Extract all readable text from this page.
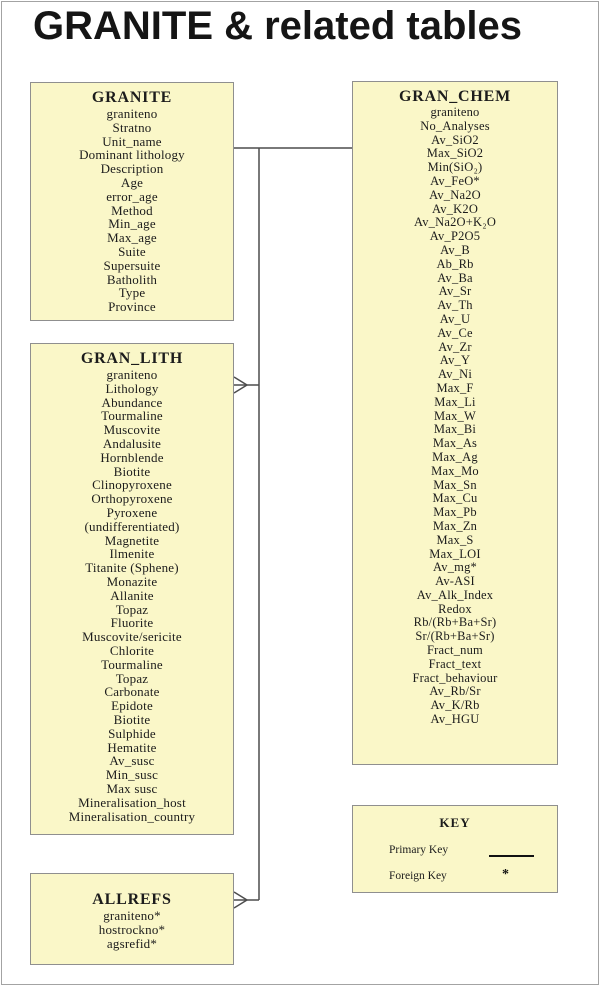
GRANITE & related tables
GRANITE
graniteno
Stratno
Unit_name
Dominant lithology
Description
Age
error_age
Method
Min_age
Max_age
Suite
Supersuite
Batholith
Type
Province
GRAN_LITH
graniteno
Lithology
Abundance
Tourmaline
Muscovite
Andalusite
Hornblende
Biotite
Clinopyroxene
Orthopyroxene
Pyroxene
(undifferentiated)
Magnetite
Ilmenite
Titanite (Sphene)
Monazite
Allanite
Topaz
Fluorite
Muscovite/sericite
Chlorite
Tourmaline
Topaz
Carbonate
Epidote
Biotite
Sulphide
Hematite
Av_susc
Min_susc
Max susc
Mineralisation_host
Mineralisation_country
ALLREFS
graniteno*
hostrockno*
agsrefid*
GRAN_CHEM
graniteno
No_Analyses
Av_SiO2
Max_SiO2
Min(SiO₂)
Av_FeO*
Av_Na2O
Av_K2O
Av_Na2O+K₂O
Av_P2O5
Av_B
Ab_Rb
Av_Ba
Av_Sr
Av_Th
Av_U
Av_Ce
Av_Zr
Av_Y
Av_Ni
Max_F
Max_Li
Max_W
Max_Bi
Max_As
Max_Ag
Max_Mo
Max_Sn
Max_Cu
Max_Pb
Max_Zn
Max_S
Max_LOI
Av_mg*
Av-ASI
Av_Alk_Index
Redox
Rb/(Rb+Ba+Sr)
Sr/(Rb+Ba+Sr)
Fract_num
Fract_text
Fract_behaviour
Av_Rb/Sr
Av_K/Rb
Av_HGU
KEY
Primary Key
Foreign Key	*
